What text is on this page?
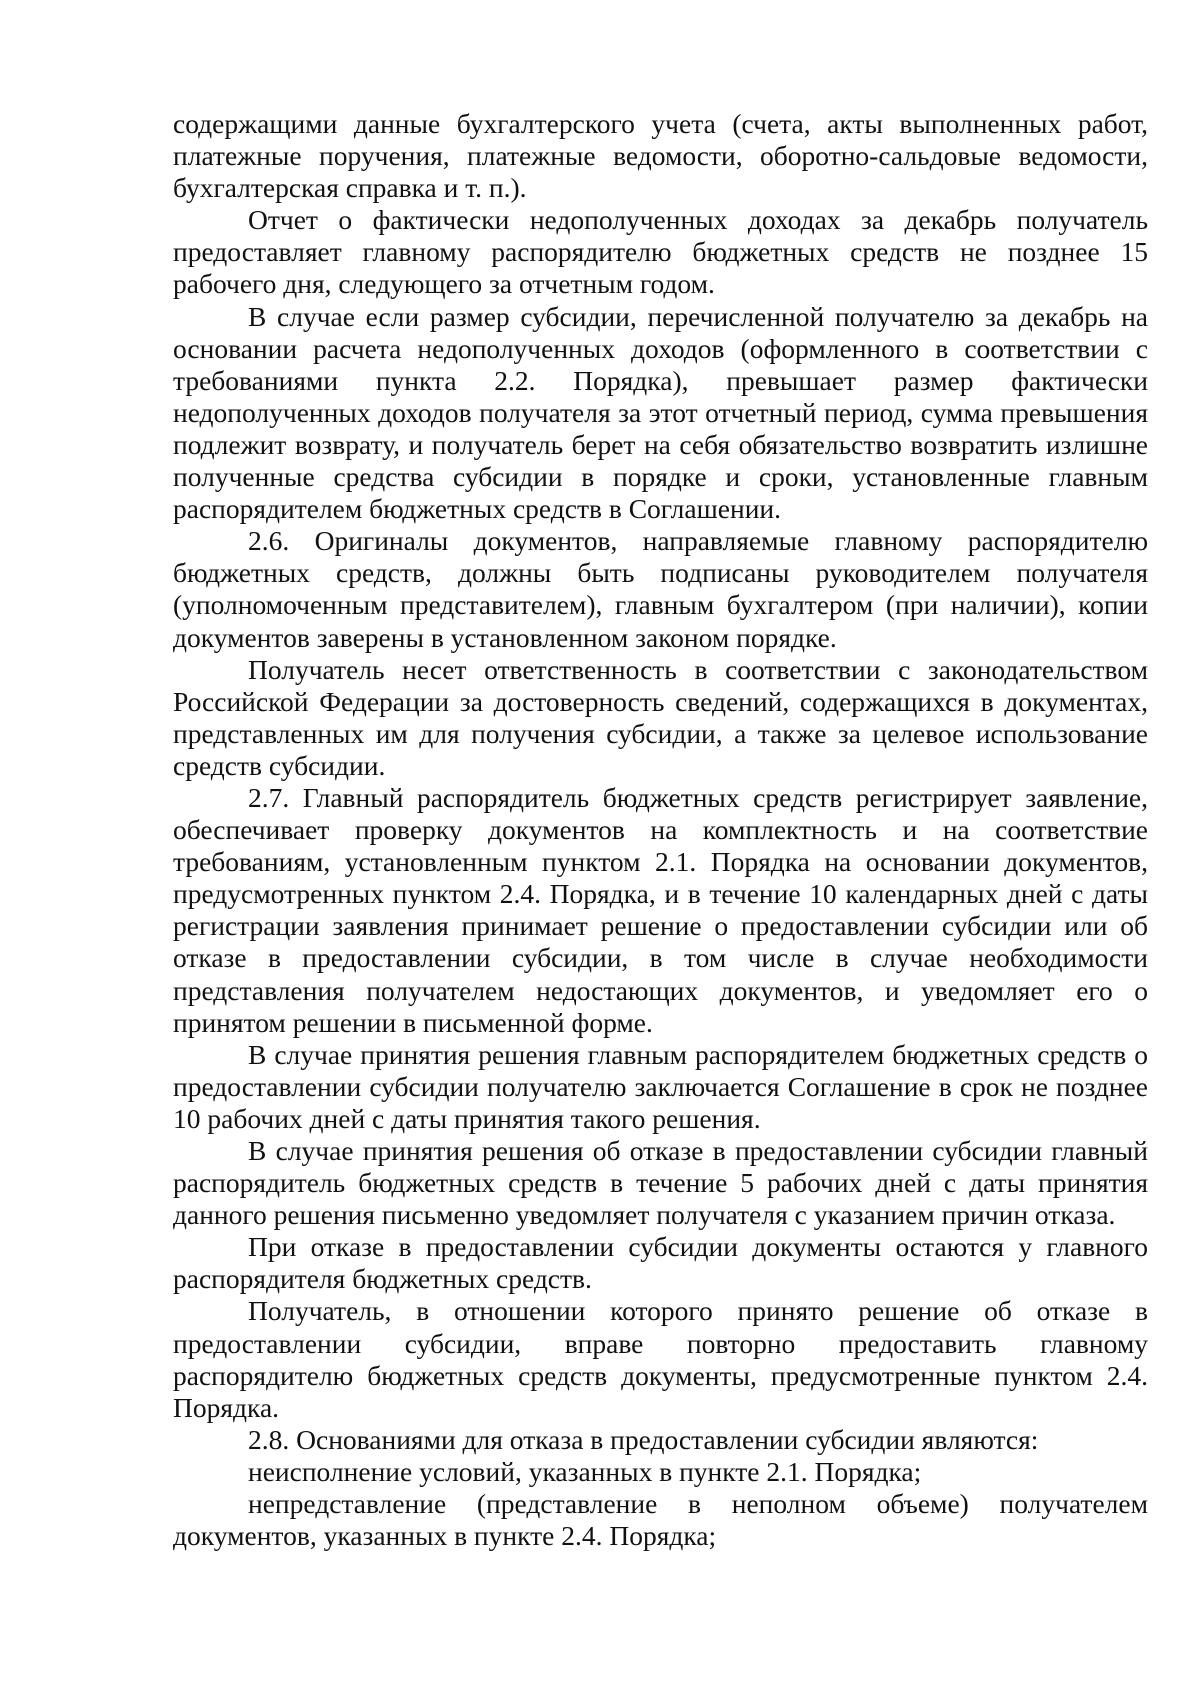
содержащими данные бухгалтерского учета (счета, акты выполненных работ, платежные поручения, платежные ведомости, оборотно-сальдовые ведомости, бухгалтерская справка и т. п.).

Отчет о фактически недополученных доходах за декабрь получатель предоставляет главному распорядителю бюджетных средств не позднее 15 рабочего дня, следующего за отчетным годом.

В случае если размер субсидии, перечисленной получателю за декабрь на основании расчета недополученных доходов (оформленного в соответствии с требованиями пункта 2.2. Порядка), превышает размер фактически недополученных доходов получателя за этот отчетный период, сумма превышения подлежит возврату, и получатель берет на себя обязательство возвратить излишне полученные средства субсидии в порядке и сроки, установленные главным распорядителем бюджетных средств в Соглашении.

2.6. Оригиналы документов, направляемые главному распорядителю бюджетных средств, должны быть подписаны руководителем получателя (уполномоченным представителем), главным бухгалтером (при наличии), копии документов заверены в установленном законом порядке.

Получатель несет ответственность в соответствии с законодательством Российской Федерации за достоверность сведений, содержащихся в документах, представленных им для получения субсидии, а также за целевое использование средств субсидии.

2.7. Главный распорядитель бюджетных средств регистрирует заявление, обеспечивает проверку документов на комплектность и на соответствие требованиям, установленным пунктом 2.1. Порядка на основании документов, предусмотренных пунктом 2.4. Порядка, и в течение 10 календарных дней с даты регистрации заявления принимает решение о предоставлении субсидии или об отказе в предоставлении субсидии, в том числе в случае необходимости представления получателем недостающих документов, и уведомляет его о принятом решении в письменной форме.

В случае принятия решения главным распорядителем бюджетных средств о предоставлении субсидии получателю заключается Соглашение в срок не позднее 10 рабочих дней с даты принятия такого решения.

В случае принятия решения об отказе в предоставлении субсидии главный распорядитель бюджетных средств в течение 5 рабочих дней с даты принятия данного решения письменно уведомляет получателя с указанием причин отказа.

При отказе в предоставлении субсидии документы остаются у главного распорядителя бюджетных средств.

Получатель, в отношении которого принято решение об отказе в предоставлении субсидии, вправе повторно предоставить главному распорядителю бюджетных средств документы, предусмотренные пунктом 2.4. Порядка.

2.8. Основаниями для отказа в предоставлении субсидии являются:

неисполнение условий, указанных в пункте 2.1. Порядка;

непредставление (представление в неполном объеме) получателем документов, указанных в пункте 2.4. Порядка;
